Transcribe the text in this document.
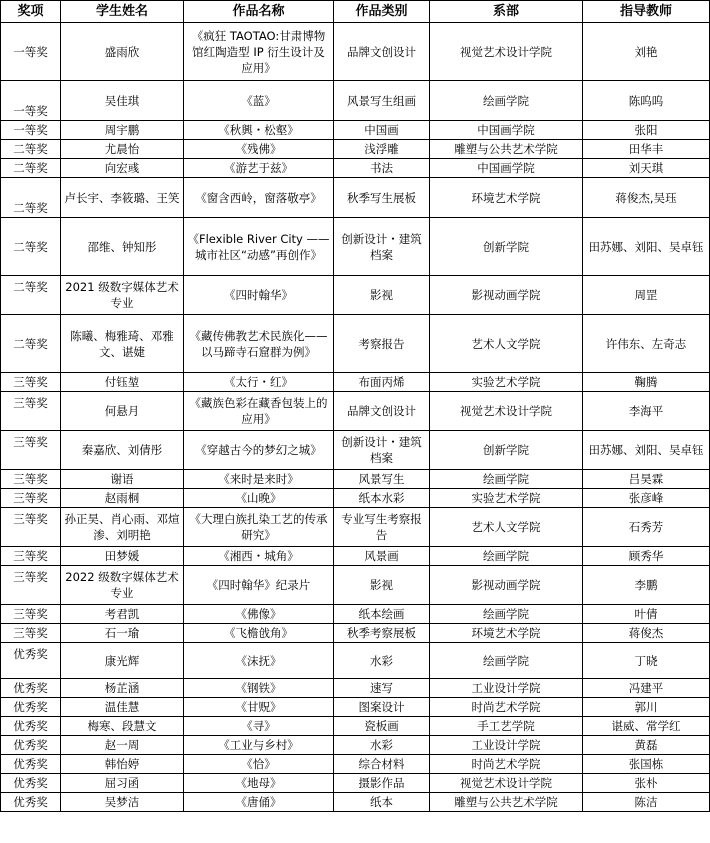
奖项	学生姓名	作品名称	作品类别	系部	指导教师
一等奖	盛雨欣	《疯狂 TAOTAO:甘肃博物馆红陶造型 IP 衍生设计及应用》	品牌文创设计	视觉艺术设计学院	刘艳
一等奖	吴佳琪	《蓝》	风景写生组画	绘画学院	陈呜呜
一等奖	周宇鹏	《秋興・松壑》	中国画	中国画学院	张阳
二等奖	尤晨怡	《残佛》	浅浮雕	雕塑与公共艺术学院	田华丰
二等奖	向宏彧	《游艺于兹》	书法	中国画学院	刘天琪
二等奖	卢长宇、李筱璐、王笑	《窗含西岭，窗落敬亭》	秋季写生展板	环境艺术学院	蒋俊杰,吴珏
二等奖	邵维、钟知彤	《Flexible River City —— 城市社区“动感”再创作》	创新设计・建筑档案	创新学院	田苏娜、刘阳、吴卓钰
二等奖	2021 级数字媒体艺术专业	《四时翰华》	影视	影视动画学院	周罡
二等奖	陈曦、梅雅琦、邓雅文、谌婕	《藏传佛教艺术民族化——以马蹄寺石窟群为例》	考察报告	艺术人文学院	许伟东、左奇志
三等奖	付钰堃	《太行・红》	布面丙烯	实验艺术学院	鞠腾
三等奖	何悬月	《藏族色彩在藏香包装上的应用》	品牌文创设计	视觉艺术设计学院	李海平
三等奖	秦嘉欣、刘倩彤	《穿越古今的梦幻之城》	创新设计・建筑档案	创新学院	田苏娜、刘阳、吴卓钰
三等奖	谢语	《来时是来时》	风景写生	绘画学院	吕昊霖
三等奖	赵雨桐	《山晚》	纸本水彩	实验艺术学院	张彦峰
三等奖	孙正昊、肖心雨、邓煊渗、刘明艳	《大理白族扎染工艺的传承研究》	专业写生考察报告	艺术人文学院	石秀芳
三等奖	田梦媛	《湘西・城角》	风景画	绘画学院	顾秀华
三等奖	2022 级数字媒体艺术专业	《四时翰华》纪录片	影视	影视动画学院	李鹏
三等奖	考君凯	《佛像》	纸本绘画	绘画学院	叶倩
三等奖	石一瑜	《飞檐戗角》	秋季考察展板	环境艺术学院	蒋俊杰
优秀奖	康光辉	《沫抚》	水彩	绘画学院	丁晓
优秀奖	杨芷涵	《钢铁》	速写	工业设计学院	冯建平
优秀奖	温佳慧	《甘贶》	图案设计	时尚艺术学院	郭川
优秀奖	梅寒、段慧文	《寻》	瓷板画	手工艺学院	谌威、常学红
优秀奖	赵一周	《工业与乡村》	水彩	工业设计学院	黄磊
优秀奖	韩怡婷	《恰》	综合材料	时尚艺术学院	张国栋
优秀奖	屈习函	《地母》	摄影作品	视觉艺术设计学院	张朴
优秀奖	吴梦洁	《唐俑》	纸本	雕塑与公共艺术学院	陈洁
